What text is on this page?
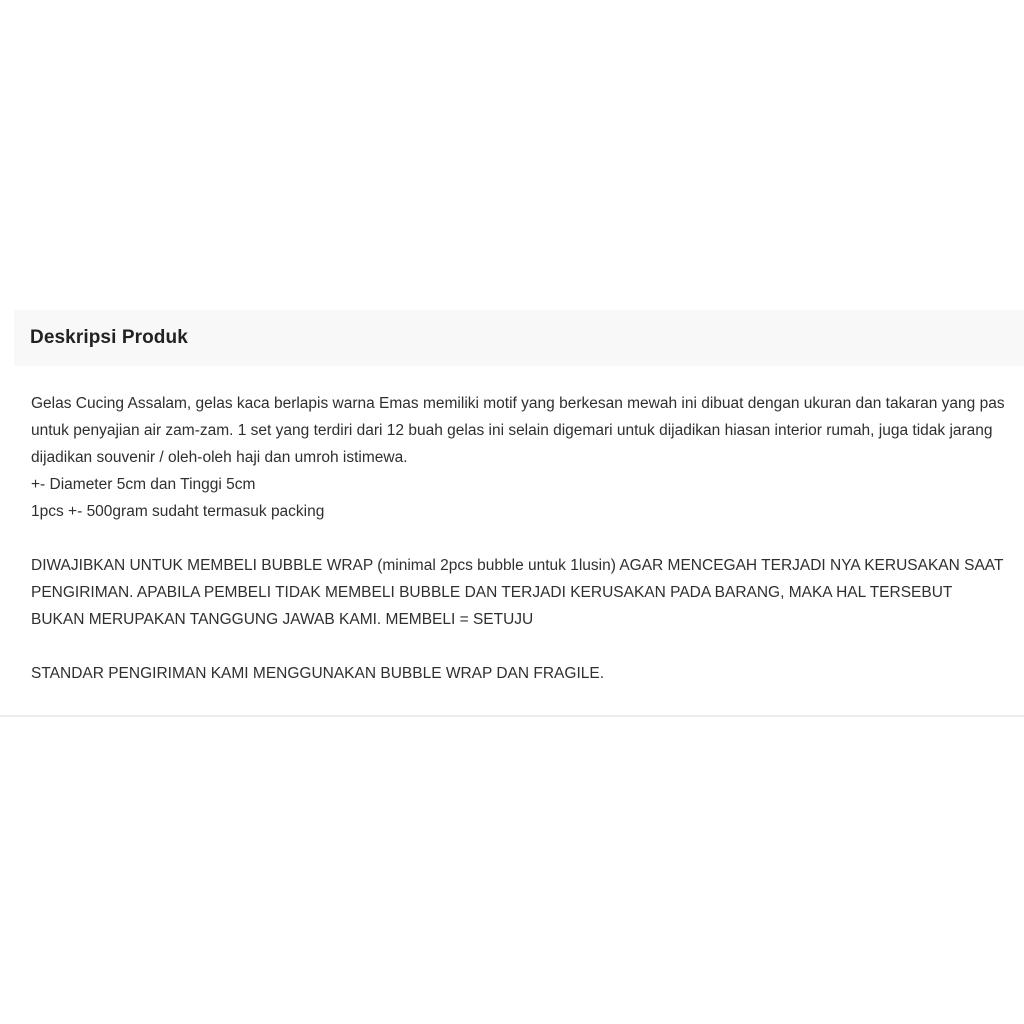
Deskripsi Produk

Gelas Cucing Assalam, gelas kaca berlapis warna Emas memiliki motif yang berkesan mewah ini dibuat dengan ukuran dan takaran yang pas untuk penyajian air zam-zam. 1 set yang terdiri dari 12 buah gelas ini selain digemari untuk dijadikan hiasan interior rumah, juga tidak jarang dijadikan souvenir / oleh-oleh haji dan umroh istimewa.

+- Diameter 5cm dan Tinggi 5cm
1pcs +- 500gram sudaht termasuk packing

DIWAJIBKAN UNTUK MEMBELI BUBBLE WRAP (minimal 2pcs bubble untuk 1lusin) AGAR MENCEGAH TERJADI NYA KERUSAKAN SAAT PENGIRIMAN. APABILA PEMBELI TIDAK MEMBELI BUBBLE DAN TERJADI KERUSAKAN PADA BARANG, MAKA HAL TERSEBUT BUKAN MERUPAKAN TANGGUNG JAWAB KAMI. MEMBELI = SETUJU

STANDAR PENGIRIMAN KAMI MENGGUNAKAN BUBBLE WRAP DAN FRAGILE.
